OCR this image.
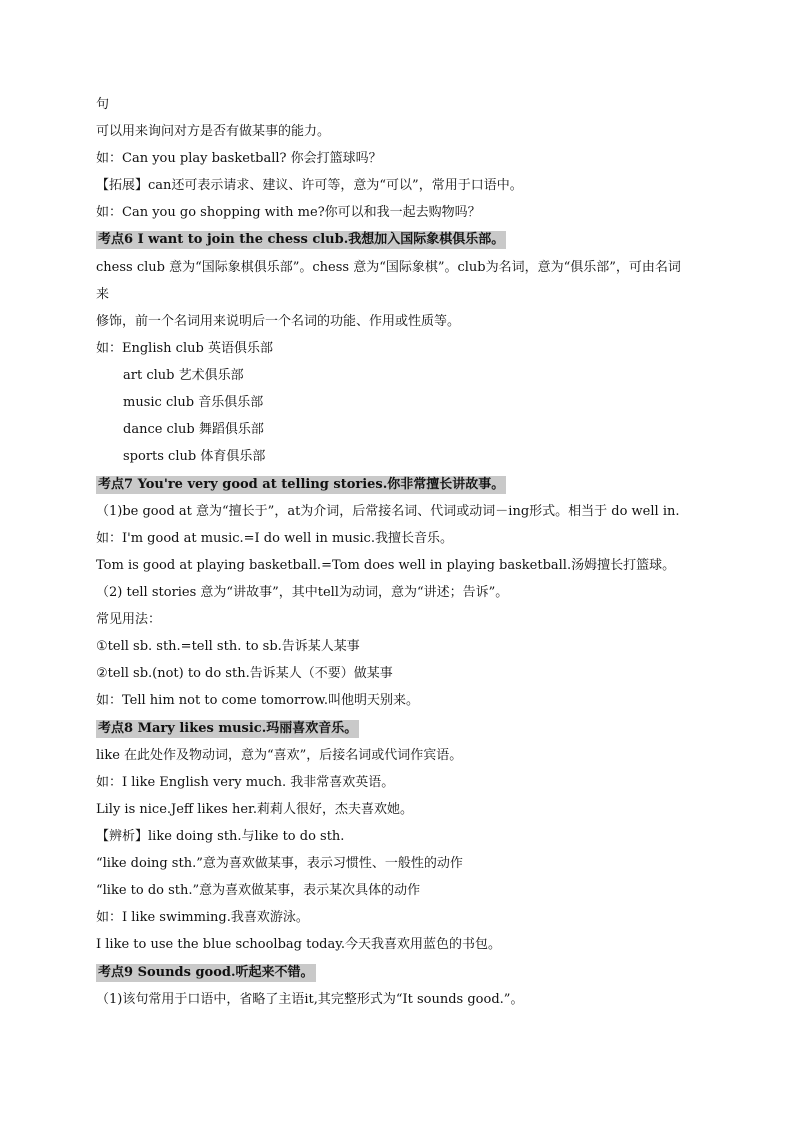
句
可以用来询问对方是否有做某事的能力。
如：Can you play basketball? 你会打篮球吗？
【拓展】can还可表示请求、建议、许可等，意为“可以”，常用于口语中。
如：Can you go shopping with me?你可以和我一起去购物吗？
考点6 I want to join the chess club.我想加入国际象棋俱乐部。
chess club 意为“国际象棋俱乐部”。chess 意为“国际象棋”。club为名词，意为“俱乐部”，可由名词
来
修饰，前一个名词用来说明后一个名词的功能、作用或性质等。
如：English club 英语俱乐部
art club 艺术俱乐部
music club 音乐俱乐部
dance club 舞蹈俱乐部
sports club 体育俱乐部
考点7 You're very good at telling stories.你非常擅长讲故事。
（1)be good at 意为“擅长于”，at为介词，后常接名词、代词或动词－ing形式。相当于 do well in.
如：I'm good at music.=I do well in music.我擅长音乐。
Tom is good at playing basketball.=Tom does well in playing basketball.汤姆擅长打篮球。
（2) tell stories 意为“讲故事”，其中tell为动词，意为“讲述；告诉”。
常见用法：
①tell sb. sth.=tell sth. to sb.告诉某人某事
②tell sb.(not) to do sth.告诉某人（不要）做某事
如：Tell him not to come tomorrow.叫他明天别来。
考点8 Mary likes music.玛丽喜欢音乐。
like 在此处作及物动词，意为“喜欢”，后接名词或代词作宾语。
如：I like English very much. 我非常喜欢英语。
Lily is nice.Jeff likes her.莉莉人很好，杰夫喜欢她。
【辨析】like doing sth.与like to do sth.
“like doing sth.”意为喜欢做某事，表示习惯性、一般性的动作
“like to do sth.”意为喜欢做某事，表示某次具体的动作
如：I like swimming.我喜欢游泳。
I like to use the blue schoolbag today.今天我喜欢用蓝色的书包。
考点9 Sounds good.听起来不错。
（1)该句常用于口语中，省略了主语it,其完整形式为“It sounds good.”。
